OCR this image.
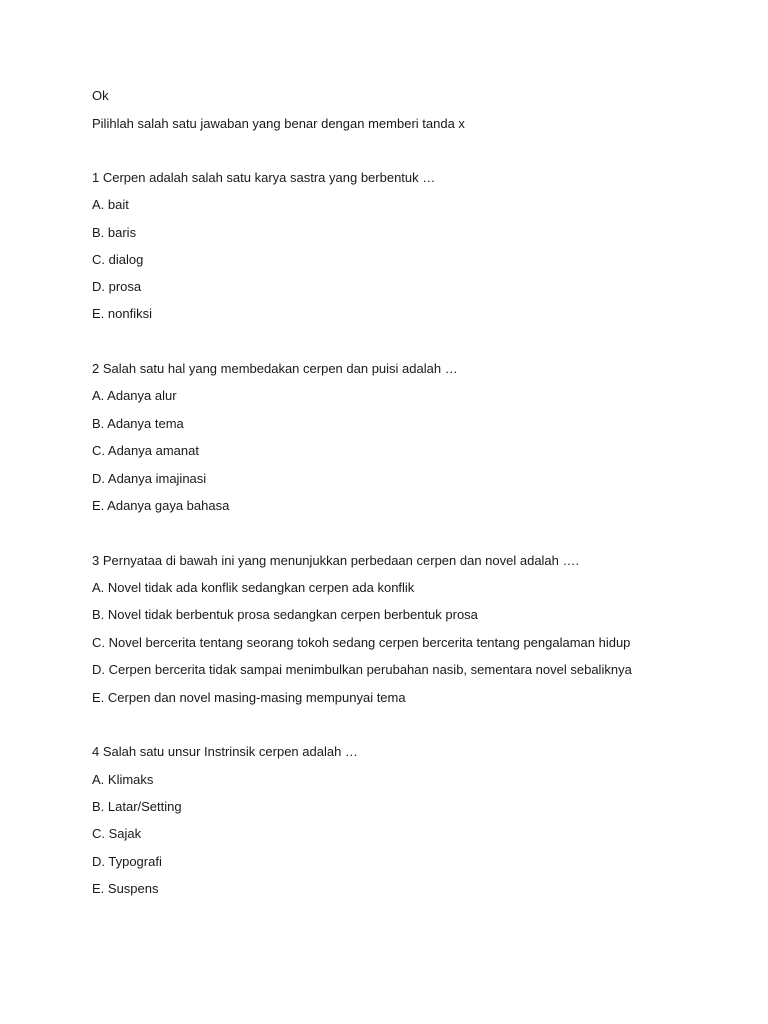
Ok
Pilihlah salah satu jawaban yang benar dengan memberi tanda x
1 Cerpen adalah salah satu karya sastra yang berbentuk …
A. bait
B. baris
C. dialog
D. prosa
E. nonfiksi
2 Salah satu hal yang membedakan cerpen dan puisi adalah …
A. Adanya alur
B. Adanya tema
C. Adanya amanat
D. Adanya imajinasi
E. Adanya gaya bahasa
3 Pernyataa di bawah ini yang menunjukkan perbedaan cerpen dan novel adalah ….
A. Novel tidak ada konflik sedangkan cerpen ada konflik
B. Novel tidak berbentuk prosa sedangkan cerpen berbentuk prosa
C. Novel bercerita tentang seorang tokoh sedang cerpen bercerita tentang pengalaman hidup
D. Cerpen bercerita tidak sampai menimbulkan perubahan nasib, sementara novel sebaliknya
E. Cerpen dan novel masing-masing mempunyai tema
4 Salah satu unsur Instrinsik cerpen adalah …
A. Klimaks
B. Latar/Setting
C. Sajak
D. Typografi
E. Suspens
